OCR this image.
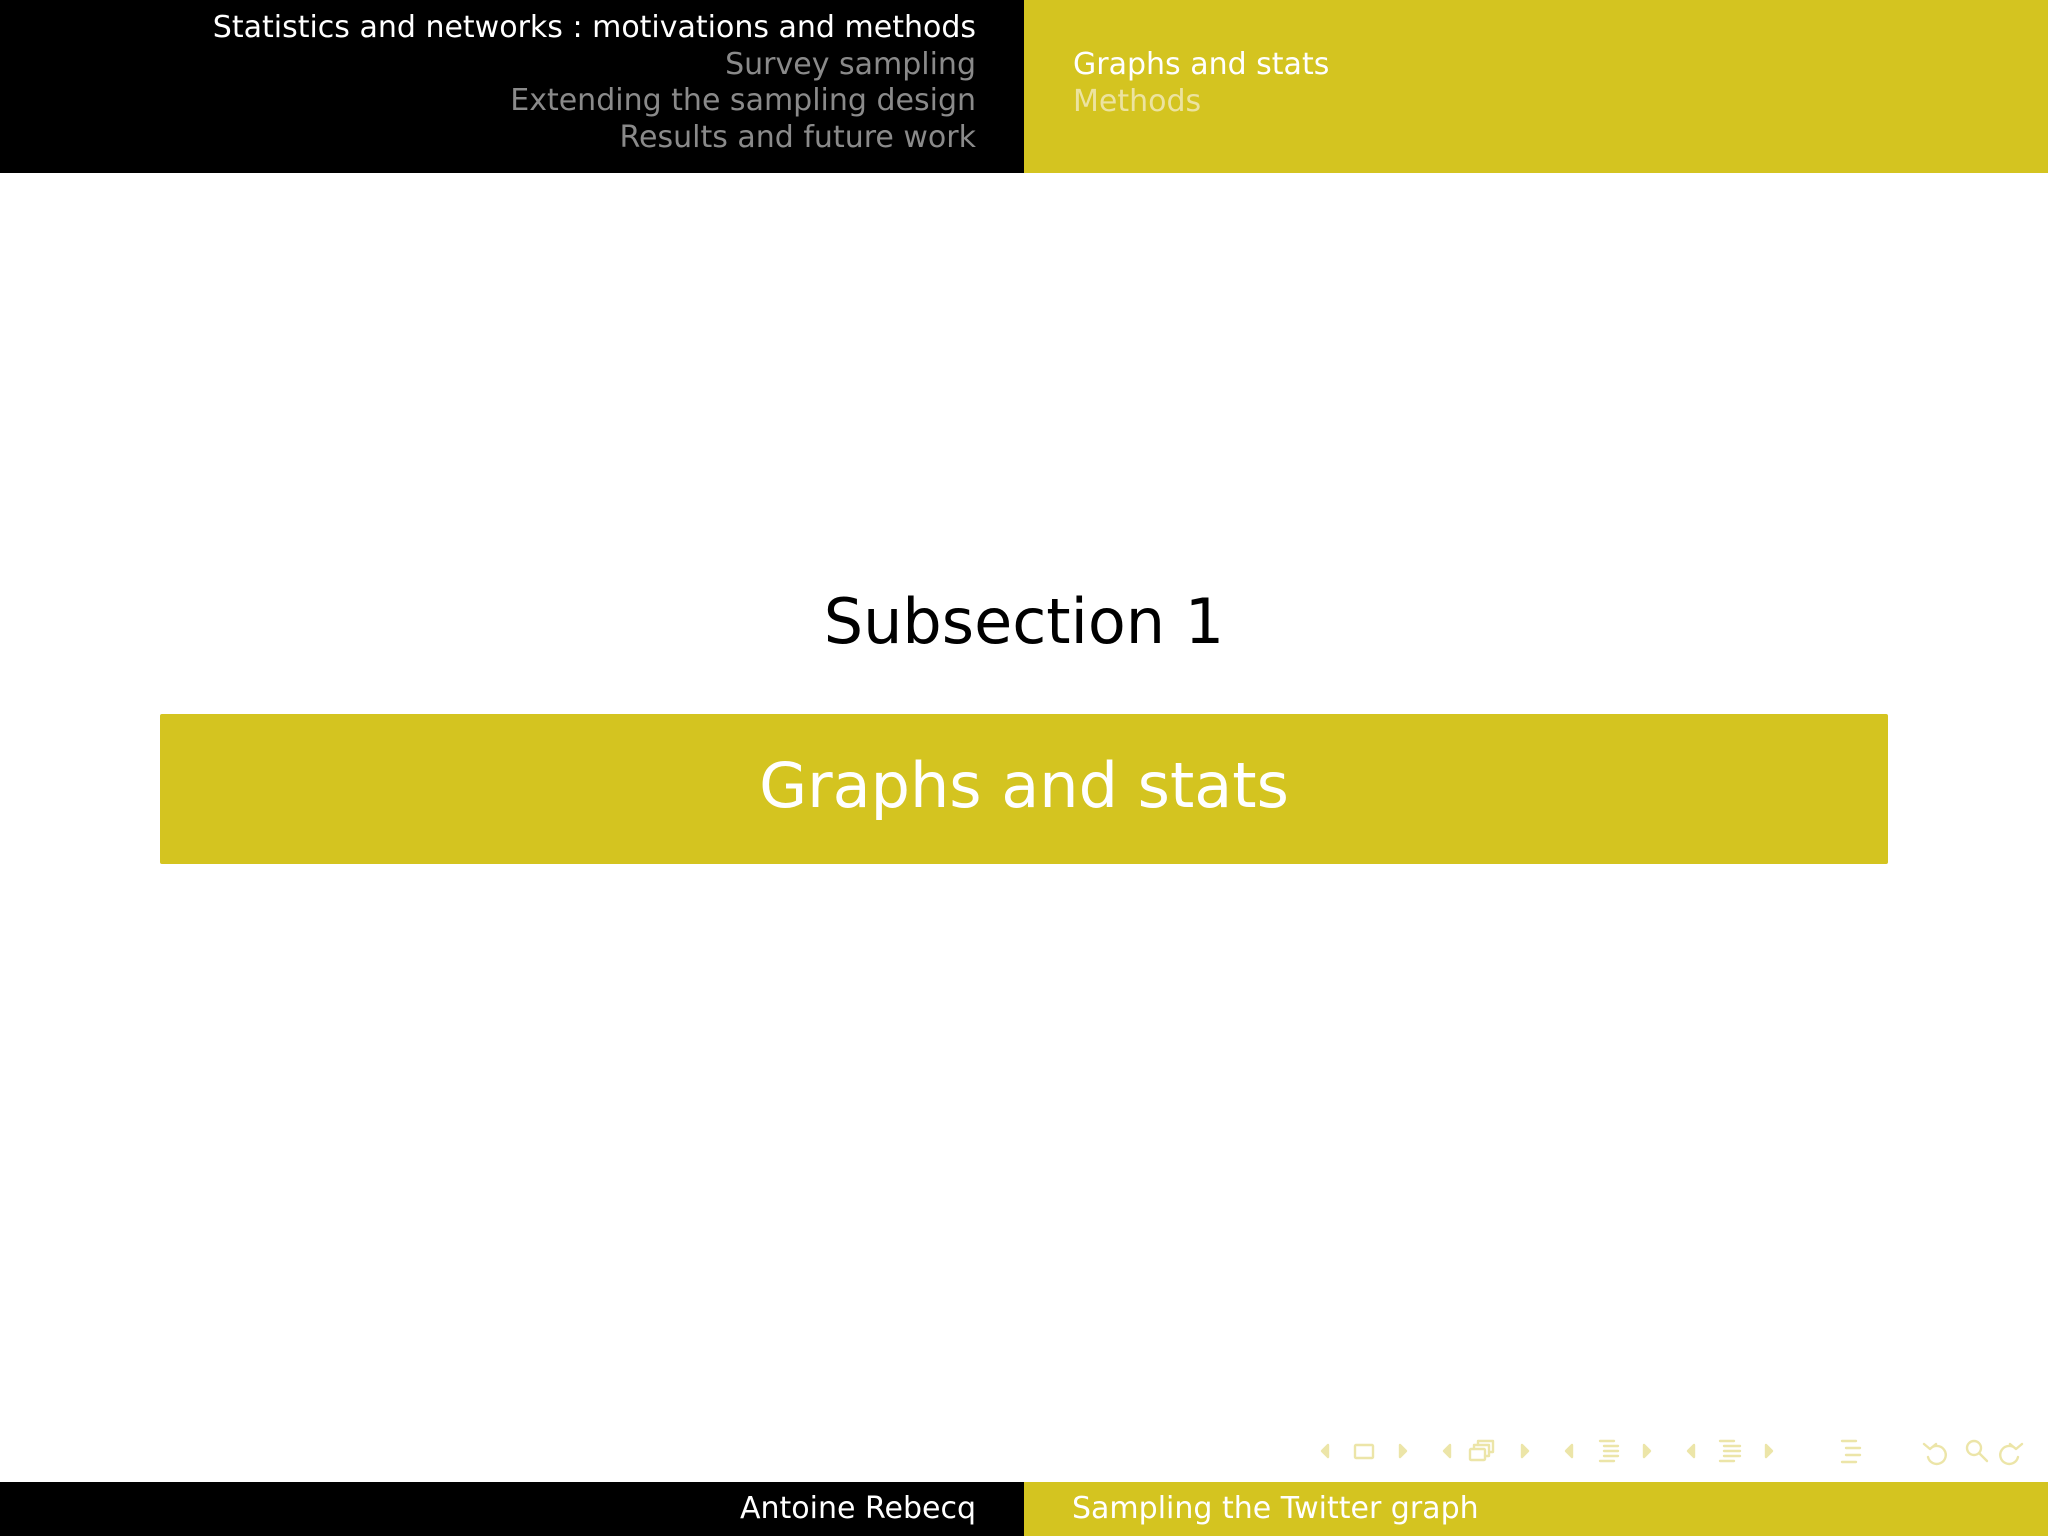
Statistics and networks : motivations and methods
Survey sampling
Extending the sampling design
Results and future work
Graphs and stats
Methods
Subsection 1
Graphs and stats
Antoine Rebecq	Sampling the Twitter graph
